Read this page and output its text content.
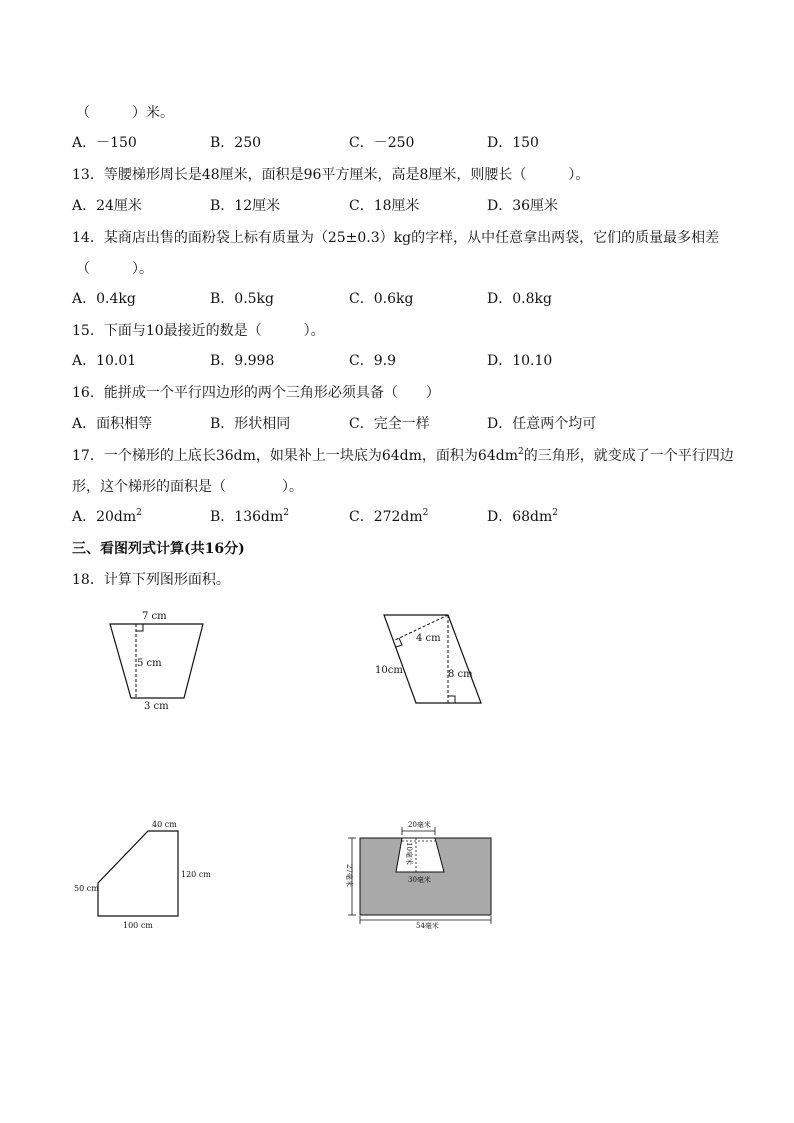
（　　　）米。
A．－150	B．250	C．－250	D．150
13．等腰梯形周长是48厘米，面积是96平方厘米，高是8厘米，则腰长（　　　）。
A．24厘米	B．12厘米	C．18厘米	D．36厘米
14．某商店出售的面粉袋上标有质量为（25±0.3）kg的字样，从中任意拿出两袋，它们的质量最多相差
（　　　）。
A．0.4kg	B．0.5kg	C．0.6kg	D．0.8kg
15．下面与10最接近的数是（　　　）。
A．10.01	B．9.998	C．9.9	D．10.10
16．能拼成一个平行四边形的两个三角形必须具备（　　）
A．面积相等	B．形状相同	C．完全一样	D．任意两个均可
17．一个梯形的上底长36dm，如果补上一块底为64dm，面积为$64dm^2$的三角形，就变成了一个平行四边
形，这个梯形的面积是（　　　　）。
A．$20dm^2$	B．$136dm^2$	C．$272dm^2$	D．$68dm^2$
三、看图列式计算(共16分)
18．计算下列图形面积。
7 cm
5 cm
3 cm
4 cm
10cm	8 cm
40 cm
120 cm
50 cm
100 cm
20毫米
10毫米
30毫米
27毫米
54毫米
